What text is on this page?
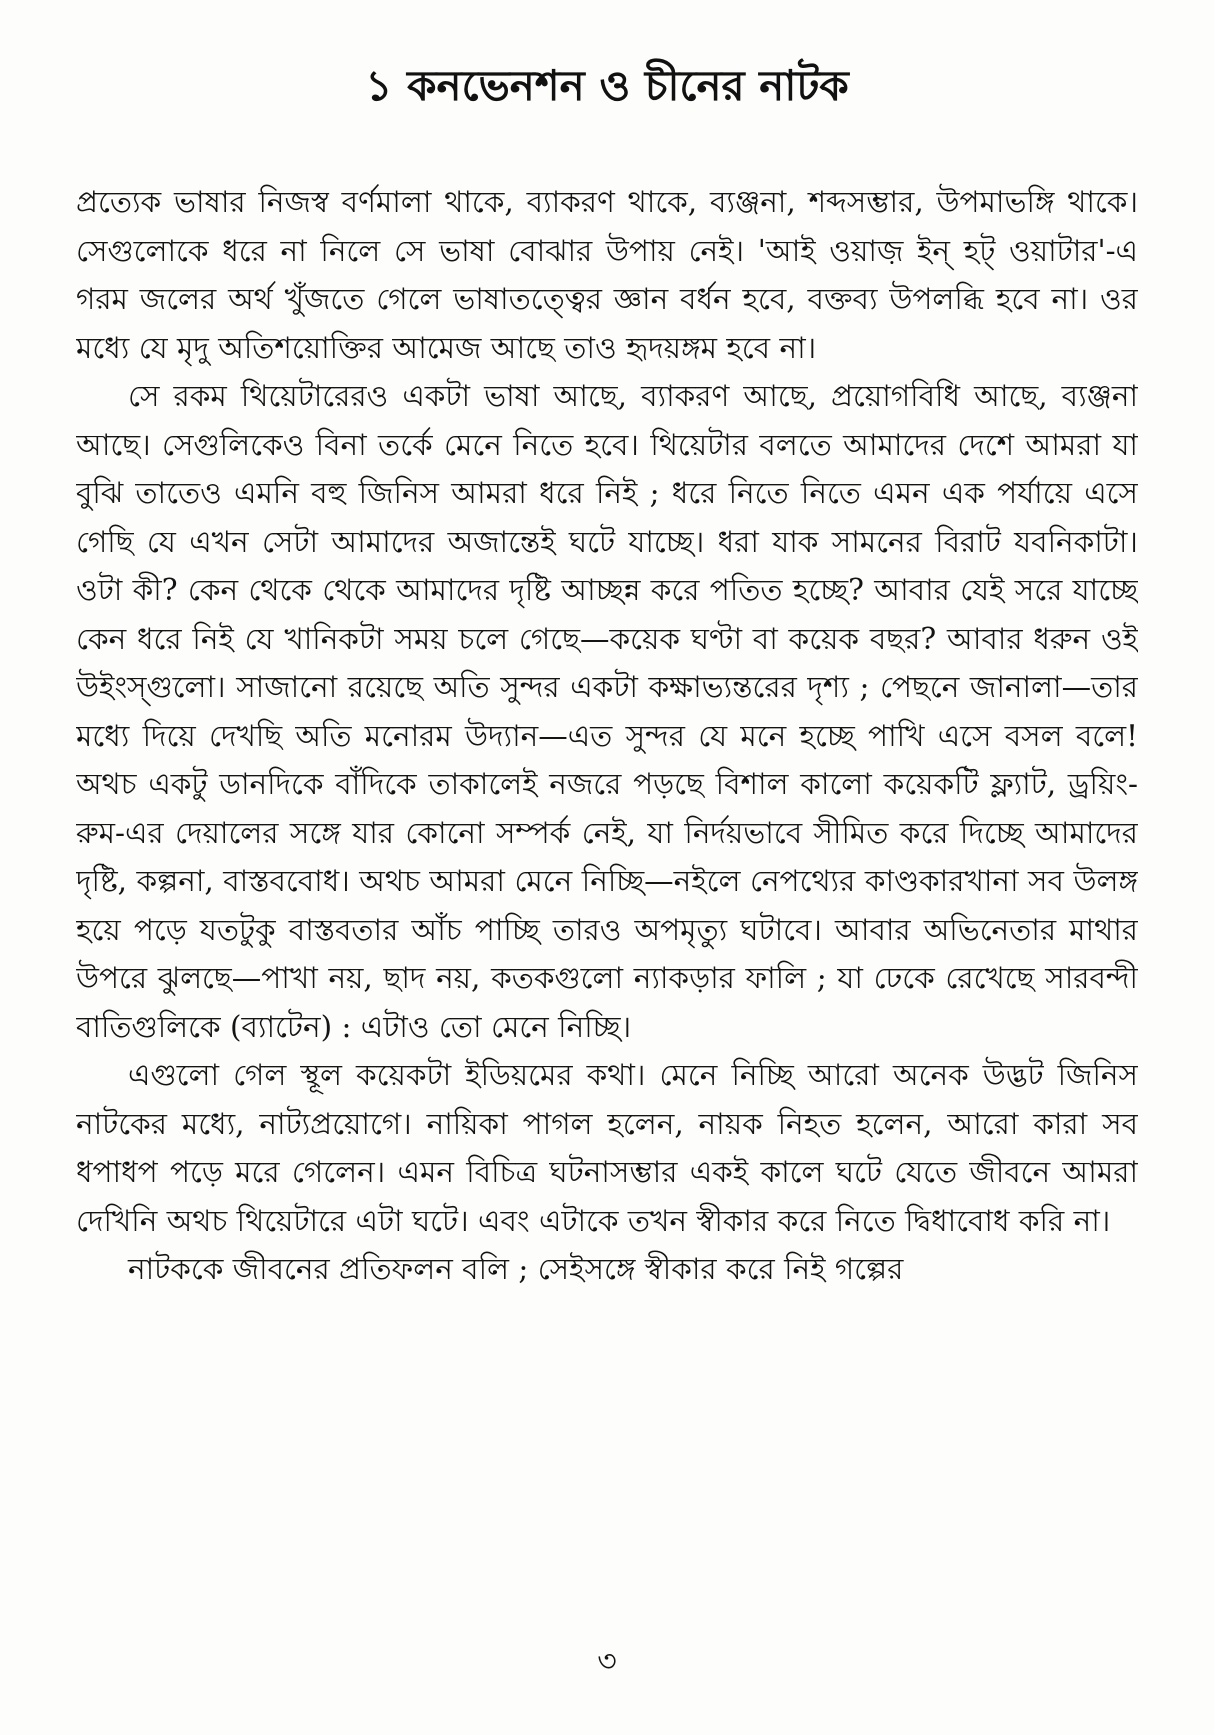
১ কনভেনশন ও চীনের নাটক

প্রত্যেক ভাষার নিজস্ব বর্ণমালা থাকে, ব্যাকরণ থাকে, ব্যঞ্জনা, শব্দসম্ভার, উপমাভঙ্গি থাকে। সেগুলোকে ধরে না নিলে সে ভাষা বোঝার উপায় নেই। 'আই ওয়াজ় ইন্ হট্ ওয়াটার'-এ গরম জলের অর্থ খুঁজতে গেলে ভাষাতত্ত্বের জ্ঞান বর্ধন হবে, বক্তব্য উপলব্ধি হবে না। ওর মধ্যে যে মৃদু অতিশয়োক্তির আমেজ আছে তাও হৃদয়ঙ্গম হবে না।

সে রকম থিয়েটারেরও একটা ভাষা আছে, ব্যাকরণ আছে, প্রয়োগবিধি আছে, ব্যঞ্জনা আছে। সেগুলিকেও বিনা তর্কে মেনে নিতে হবে। থিয়েটার বলতে আমাদের দেশে আমরা যা বুঝি তাতেও এমনি বহু জিনিস আমরা ধরে নিই ; ধরে নিতে নিতে এমন এক পর্যায়ে এসে গেছি যে এখন সেটা আমাদের অজান্তেই ঘটে যাচ্ছে। ধরা যাক সামনের বিরাট যবনিকাটা। ওটা কী? কেন থেকে থেকে আমাদের দৃষ্টি আচ্ছন্ন করে পতিত হচ্ছে? আবার যেই সরে যাচ্ছে কেন ধরে নিই যে খানিকটা সময় চলে গেছে—কয়েক ঘণ্টা বা কয়েক বছর? আবার ধরুন ওই উইংস্‌গুলো। সাজানো রয়েছে অতি সুন্দর একটা কক্ষাভ্যন্তরের দৃশ্য ; পেছনে জানালা—তার মধ্যে দিয়ে দেখছি অতি মনোরম উদ্যান—এত সুন্দর যে মনে হচ্ছে পাখি এসে বসল বলে! অথচ একটু ডানদিকে বাঁদিকে তাকালেই নজরে পড়ছে বিশাল কালো কয়েকটি ফ্ল্যাট, ড্রয়িং-রুম-এর দেয়ালের সঙ্গে যার কোনো সম্পর্ক নেই, যা নির্দয়ভাবে সীমিত করে দিচ্ছে আমাদের দৃষ্টি, কল্পনা, বাস্তববোধ। অথচ আমরা মেনে নিচ্ছি—নইলে নেপথ্যের কাণ্ডকারখানা সব উলঙ্গ হয়ে পড়ে যতটুকু বাস্তবতার আঁচ পাচ্ছি তারও অপমৃত্যু ঘটাবে। আবার অভিনেতার মাথার উপরে ঝুলছে—পাখা নয়, ছাদ নয়, কতকগুলো ন্যাকড়ার ফালি ; যা ঢেকে রেখেছে সারবন্দী বাতিগুলিকে (ব্যাটেন) : এটাও তো মেনে নিচ্ছি।

এগুলো গেল স্থূল কয়েকটা ইডিয়মের কথা। মেনে নিচ্ছি আরো অনেক উদ্ভট জিনিস নাটকের মধ্যে, নাট্যপ্রয়োগে। নায়িকা পাগল হলেন, নায়ক নিহত হলেন, আরো কারা সব ধপাধপ পড়ে মরে গেলেন। এমন বিচিত্র ঘটনাসম্ভার একই কালে ঘটে যেতে জীবনে আমরা দেখিনি অথচ থিয়েটারে এটা ঘটে। এবং এটাকে তখন স্বীকার করে নিতে দ্বিধাবোধ করি না।

নাটককে জীবনের প্রতিফলন বলি ; সেইসঙ্গে স্বীকার করে নিই গল্পের

৩
